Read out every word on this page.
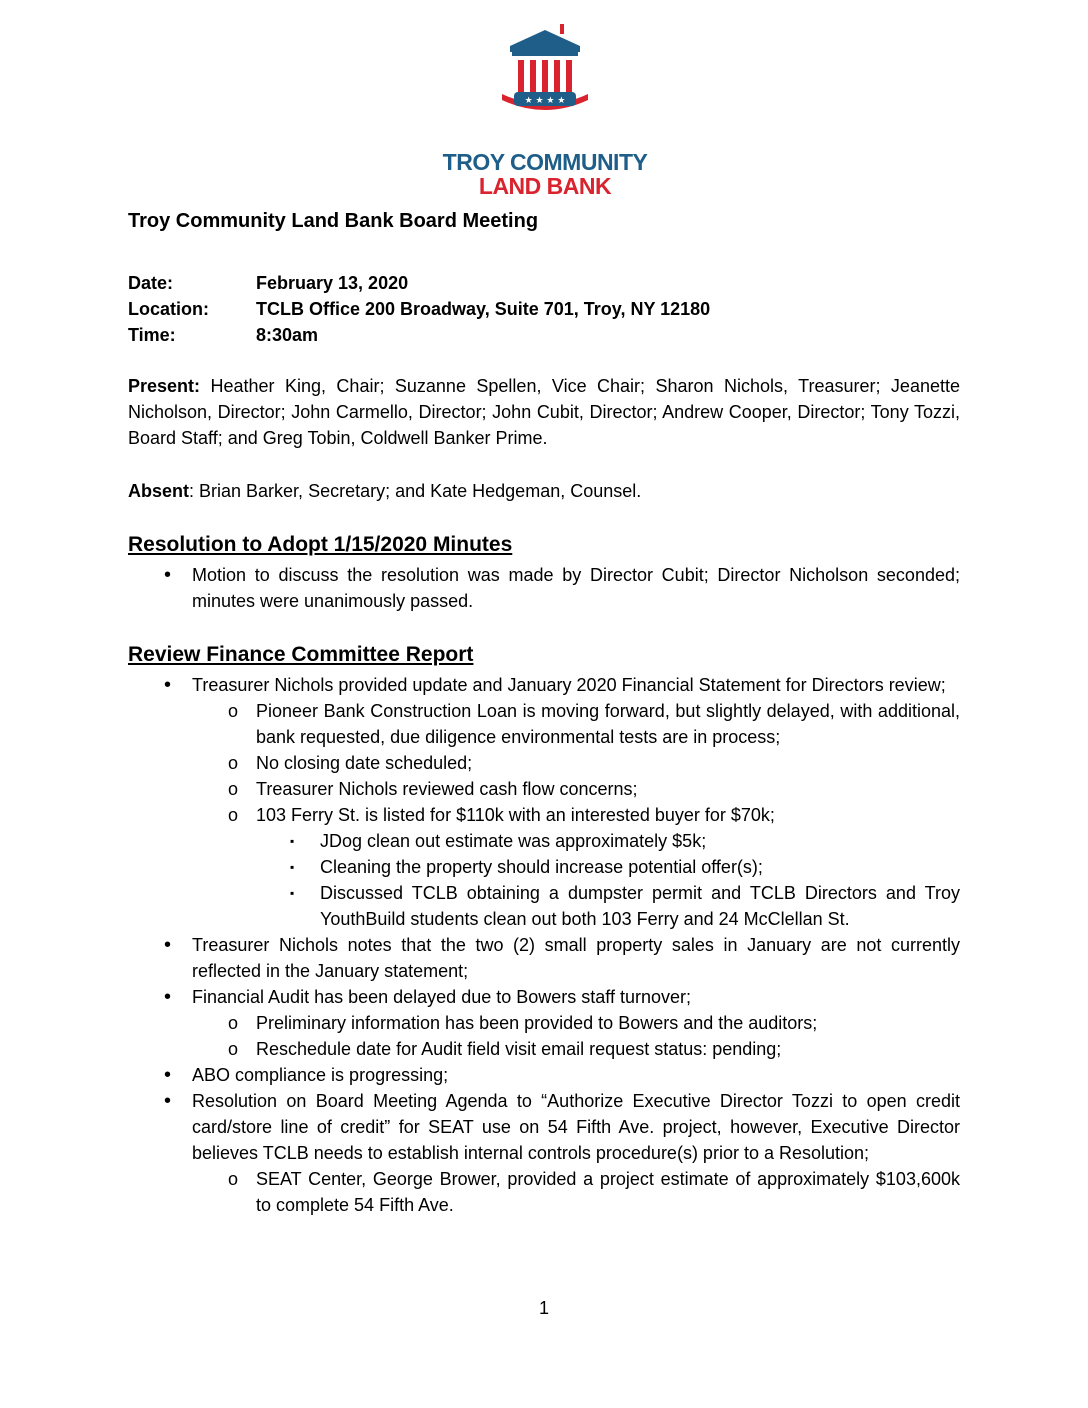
★ ★ ★ ★
TROY COMMUNITY
LAND BANK
Troy Community Land Bank Board Meeting
Date:	February 13, 2020
Location:	TCLB Office 200 Broadway, Suite 701, Troy, NY 12180
Time:	8:30am
Present: Heather King, Chair; Suzanne Spellen, Vice Chair; Sharon Nichols, Treasurer; Jeanette Nicholson, Director; John Carmello, Director; John Cubit, Director; Andrew Cooper, Director; Tony Tozzi, Board Staff; and Greg Tobin, Coldwell Banker Prime.
Absent: Brian Barker, Secretary; and Kate Hedgeman, Counsel.
Resolution to Adopt 1/15/2020 Minutes
• Motion to discuss the resolution was made by Director Cubit; Director Nicholson seconded; minutes were unanimously passed.
Review Finance Committee Report
• Treasurer Nichols provided update and January 2020 Financial Statement for Directors review;
o Pioneer Bank Construction Loan is moving forward, but slightly delayed, with additional, bank requested, due diligence environmental tests are in process;
o No closing date scheduled;
o Treasurer Nichols reviewed cash flow concerns;
o 103 Ferry St. is listed for $110k with an interested buyer for $70k;
▪ JDog clean out estimate was approximately $5k;
▪ Cleaning the property should increase potential offer(s);
▪ Discussed TCLB obtaining a dumpster permit and TCLB Directors and Troy YouthBuild students clean out both 103 Ferry and 24 McClellan St.
• Treasurer Nichols notes that the two (2) small property sales in January are not currently reflected in the January statement;
• Financial Audit has been delayed due to Bowers staff turnover;
o Preliminary information has been provided to Bowers and the auditors;
o Reschedule date for Audit field visit email request status: pending;
• ABO compliance is progressing;
• Resolution on Board Meeting Agenda to “Authorize Executive Director Tozzi to open credit card/store line of credit” for SEAT use on 54 Fifth Ave. project, however, Executive Director believes TCLB needs to establish internal controls procedure(s) prior to a Resolution;
o SEAT Center, George Brower, provided a project estimate of approximately $103,600k to complete 54 Fifth Ave.
1
